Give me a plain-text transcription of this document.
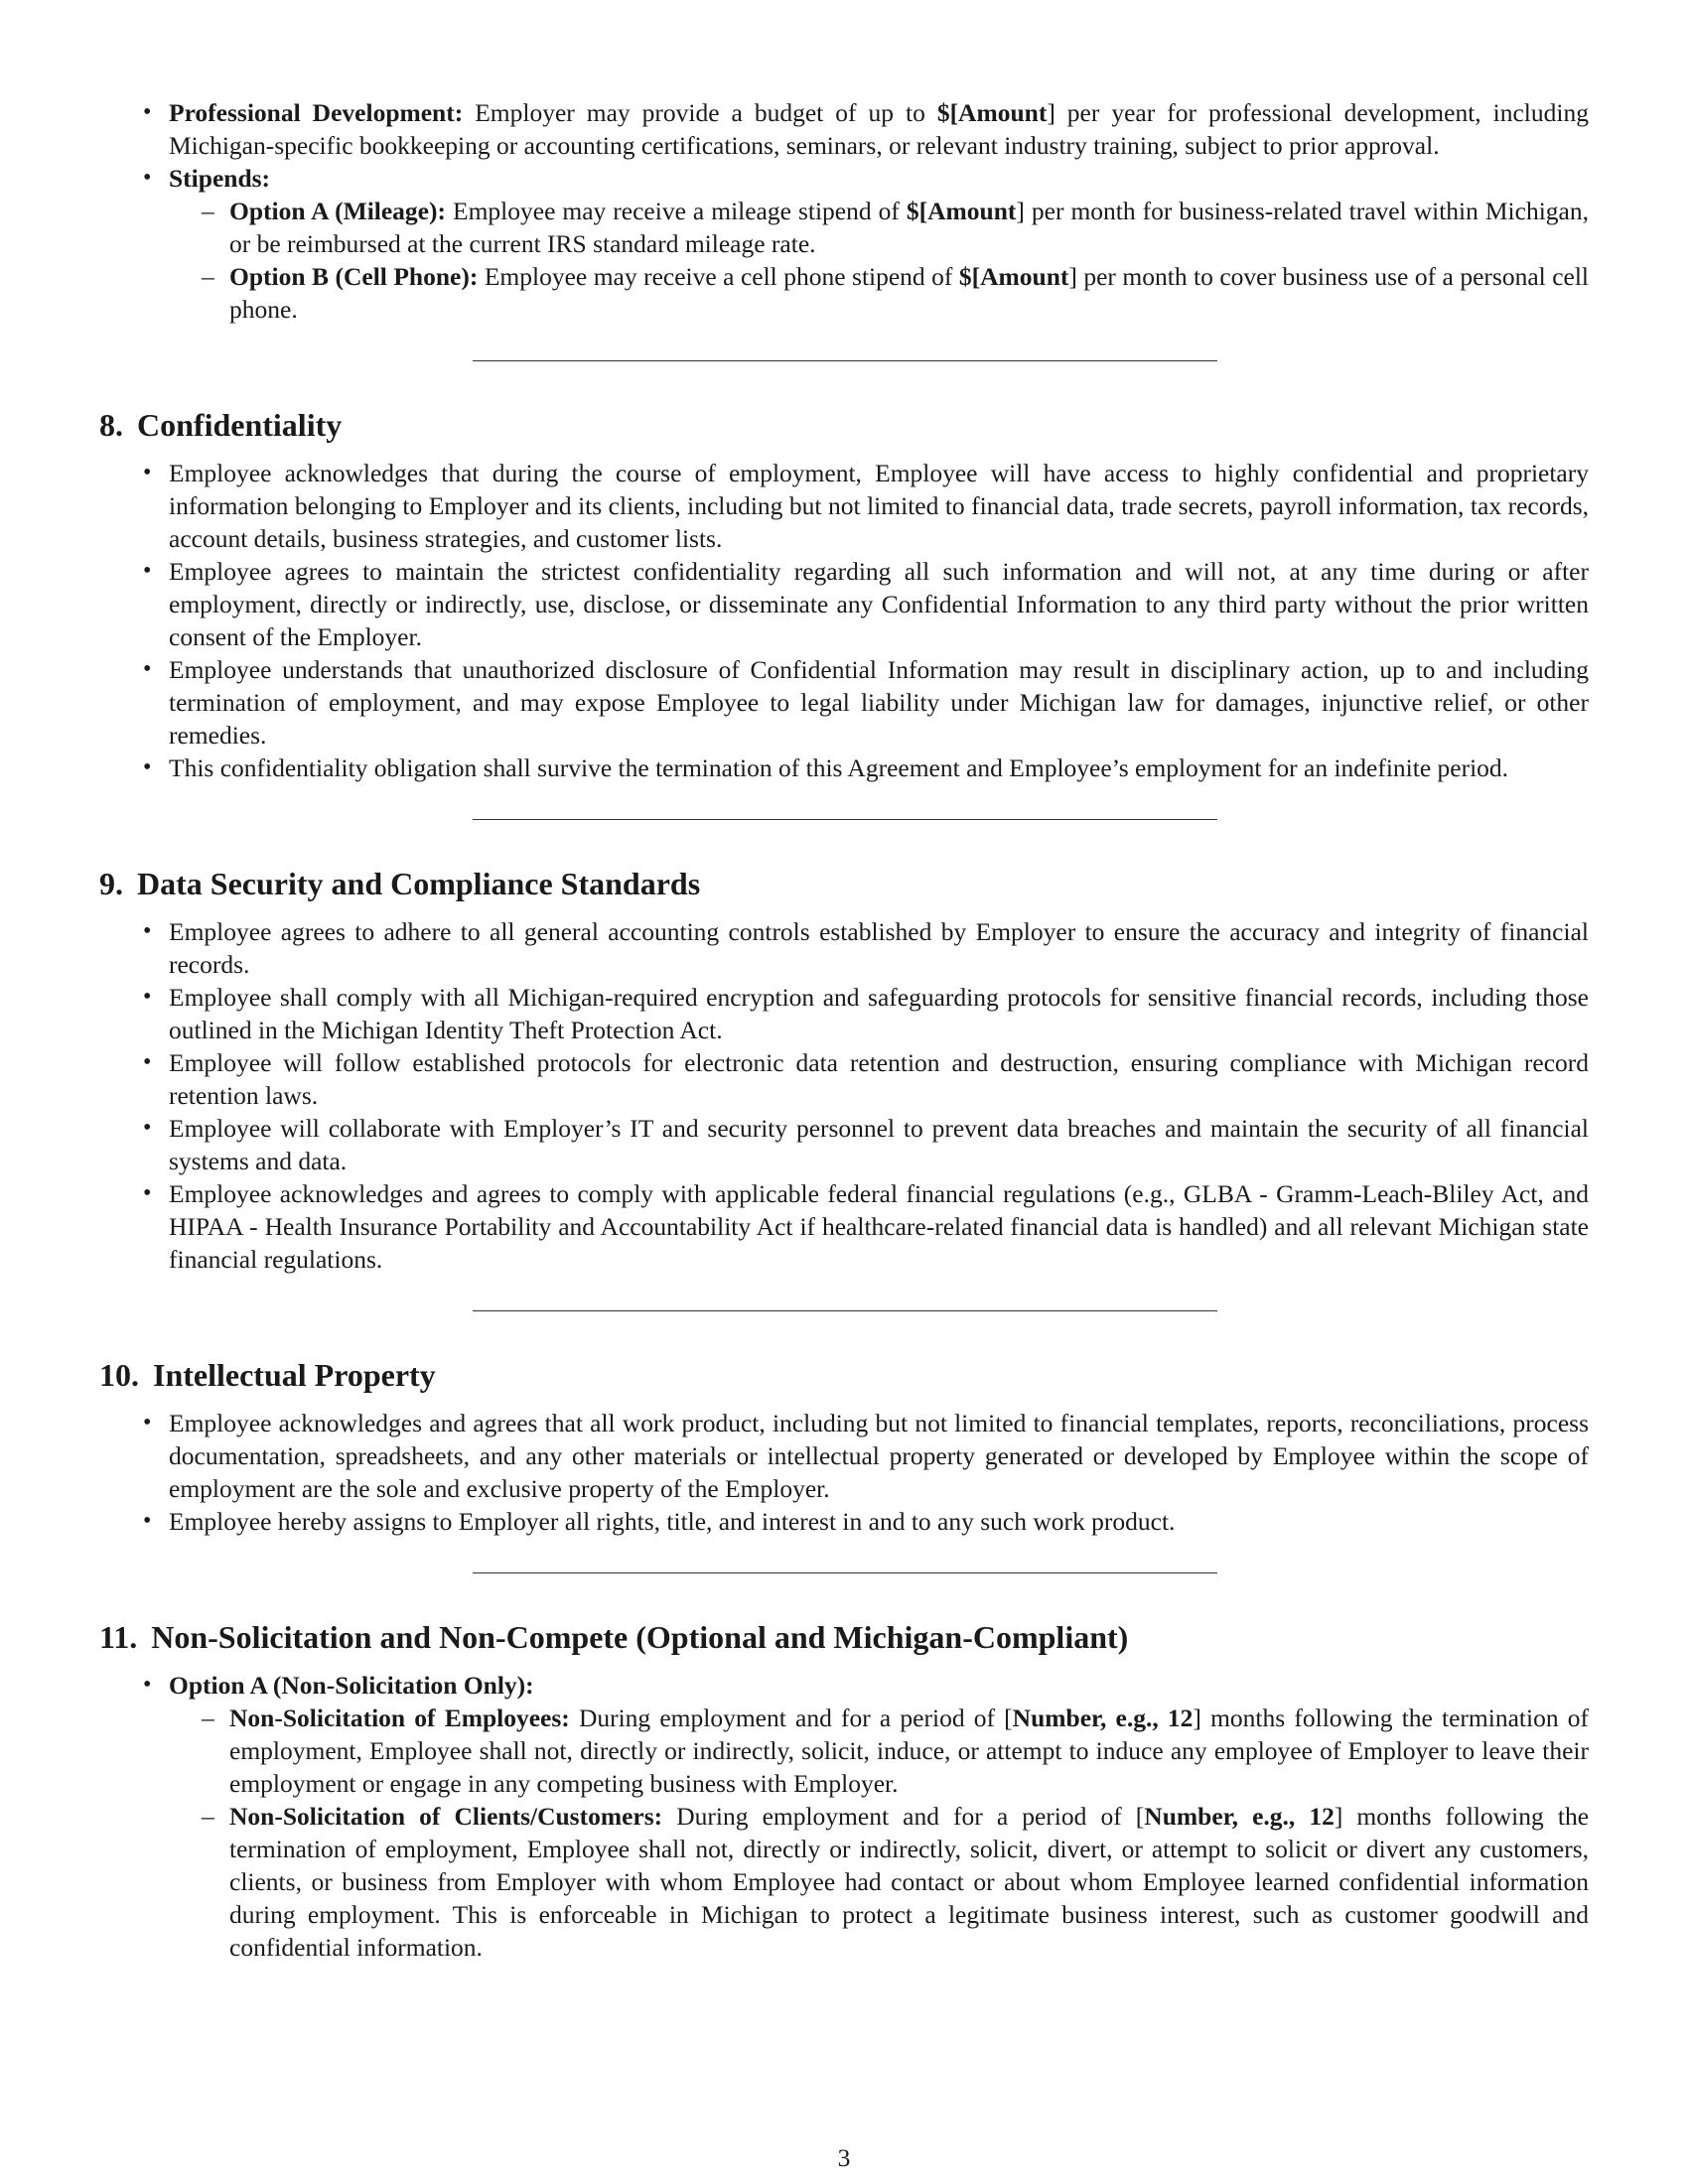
• Professional Development: Employer may provide a budget of up to $[Amount] per year for professional development, including Michigan-specific bookkeeping or accounting certifications, seminars, or relevant industry training, subject to prior approval.
• Stipends:
– Option A (Mileage): Employee may receive a mileage stipend of $[Amount] per month for business-related travel within Michigan, or be reimbursed at the current IRS standard mileage rate.
– Option B (Cell Phone): Employee may receive a cell phone stipend of $[Amount] per month to cover business use of a personal cell phone.
8. Confidentiality
• Employee acknowledges that during the course of employment, Employee will have access to highly confidential and proprietary information belonging to Employer and its clients, including but not limited to financial data, trade secrets, payroll information, tax records, account details, business strategies, and customer lists.
• Employee agrees to maintain the strictest confidentiality regarding all such information and will not, at any time during or after employment, directly or indirectly, use, disclose, or disseminate any Confidential Information to any third party without the prior written consent of the Employer.
• Employee understands that unauthorized disclosure of Confidential Information may result in disciplinary action, up to and including termination of employment, and may expose Employee to legal liability under Michigan law for damages, injunctive relief, or other remedies.
• This confidentiality obligation shall survive the termination of this Agreement and Employee’s employment for an indefinite period.
9. Data Security and Compliance Standards
• Employee agrees to adhere to all general accounting controls established by Employer to ensure the accuracy and integrity of financial records.
• Employee shall comply with all Michigan-required encryption and safeguarding protocols for sensitive financial records, including those outlined in the Michigan Identity Theft Protection Act.
• Employee will follow established protocols for electronic data retention and destruction, ensuring compliance with Michigan record retention laws.
• Employee will collaborate with Employer’s IT and security personnel to prevent data breaches and maintain the security of all financial systems and data.
• Employee acknowledges and agrees to comply with applicable federal financial regulations (e.g., GLBA - Gramm-Leach-Bliley Act, and HIPAA - Health Insurance Portability and Accountability Act if healthcare-related financial data is handled) and all relevant Michigan state financial regulations.
10. Intellectual Property
• Employee acknowledges and agrees that all work product, including but not limited to financial templates, reports, reconciliations, process documentation, spreadsheets, and any other materials or intellectual property generated or developed by Employee within the scope of employment are the sole and exclusive property of the Employer.
• Employee hereby assigns to Employer all rights, title, and interest in and to any such work product.
11. Non-Solicitation and Non-Compete (Optional and Michigan-Compliant)
• Option A (Non-Solicitation Only):
– Non-Solicitation of Employees: During employment and for a period of [Number, e.g., 12] months following the termination of employment, Employee shall not, directly or indirectly, solicit, induce, or attempt to induce any employee of Employer to leave their employment or engage in any competing business with Employer.
– Non-Solicitation of Clients/Customers: During employment and for a period of [Number, e.g., 12] months following the termination of employment, Employee shall not, directly or indirectly, solicit, divert, or attempt to solicit or divert any customers, clients, or business from Employer with whom Employee had contact or about whom Employee learned confidential information during employment. This is enforceable in Michigan to protect a legitimate business interest, such as customer goodwill and confidential information.
3
